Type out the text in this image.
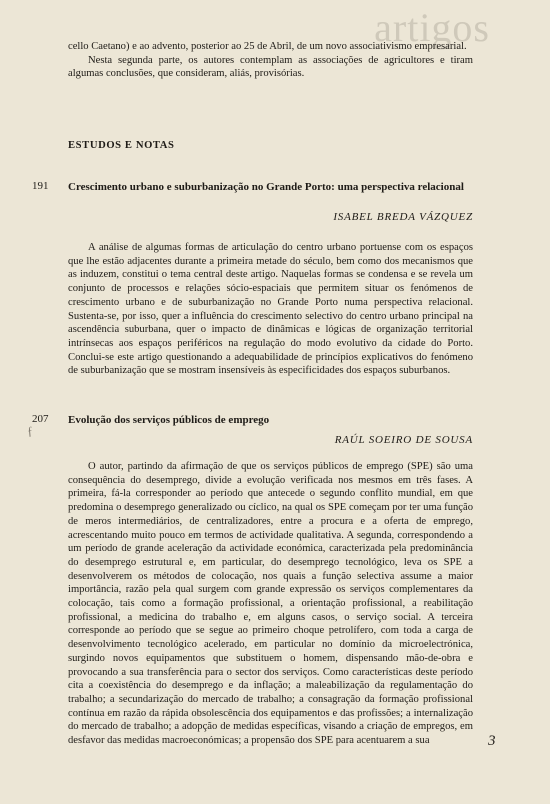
artigos

cello Caetano) e ao advento, posterior ao 25 de Abril, de um novo associativismo empresarial.

Nesta segunda parte, os autores contemplam as associações de agricultores e tiram algumas conclusões, que consideram, aliás, provisórias.

ESTUDOS E NOTAS
191 Crescimento urbano e suburbanização no Grande Porto: uma perspectiva relacional
ISABEL BREDA VÁZQUEZ

A análise de algumas formas de articulação do centro urbano portuense com os espaços que lhe estão adjacentes durante a primeira metade do século, bem como dos mecanismos que as induzem, constitui o tema central deste artigo. Naquelas formas se condensa e se revela um conjunto de processos e relações sócio-espaciais que permitem situar os fenómenos de crescimento urbano e de suburbanização no Grande Porto numa perspectiva relacional. Sustenta-se, por isso, quer a influência do crescimento selectivo do centro urbano principal na ascendência suburbana, quer o impacto de dinâmicas e lógicas de organização territorial intrínsecas aos espaços periféricos na regulação do modo evolutivo da cidade do Porto. Conclui-se este artigo questionando a adequabilidade de princípios explicativos do fenómeno de suburbanização que se mostram insensíveis às especificidades dos espaços suburbanos.

207 Evolução dos serviços públicos de emprego
ƒ
RAÚL SOEIRO DE SOUSA

O autor, partindo da afirmação de que os serviços públicos de emprego (SPE) são uma consequência do desemprego, divide a evolução verificada nos mesmos em três fases. A primeira, fá-la corresponder ao período que antecede o segundo conflito mundial, em que predomina o desemprego generalizado ou cíclico, na qual os SPE começam por ter uma função de meros intermediários, de centralizadores, entre a procura e a oferta de emprego, acrescentando muito pouco em termos de actividade qualitativa. A segunda, correspondendo a um período de grande aceleração da actividade económica, caracterizada pela predominância do desemprego estrutural e, em particular, do desemprego tecnológico, leva os SPE a desenvolverem os métodos de colocação, nos quais a função selectiva assume a maior importância, razão pela qual surgem com grande expressão os serviços complementares da colocação, tais como a formação profissional, a orientação profissional, a reabilitação profissional, a medicina do trabalho e, em alguns casos, o serviço social. A terceira corresponde ao período que se segue ao primeiro choque petrolífero, com toda a carga de desenvolvimento tecnológico acelerado, em particular no domínio da microelectrónica, surgindo novos equipamentos que substituem o homem, dispensando mão-de-obra e provocando a sua transferência para o sector dos serviços. Como características deste período cita a coexistência do desemprego e da inflação; a maleabilização da regulamentação do trabalho; a secundarização do mercado de trabalho; a consagração da formação profissional contínua em razão da rápida obsolescência dos equipamentos e das profissões; a internalização do mercado de trabalho; a adopção de medidas específicas, visando a criação de empregos, em desfavor das medidas macroeconómicas; a propensão dos SPE para acentuarem a sua	3
